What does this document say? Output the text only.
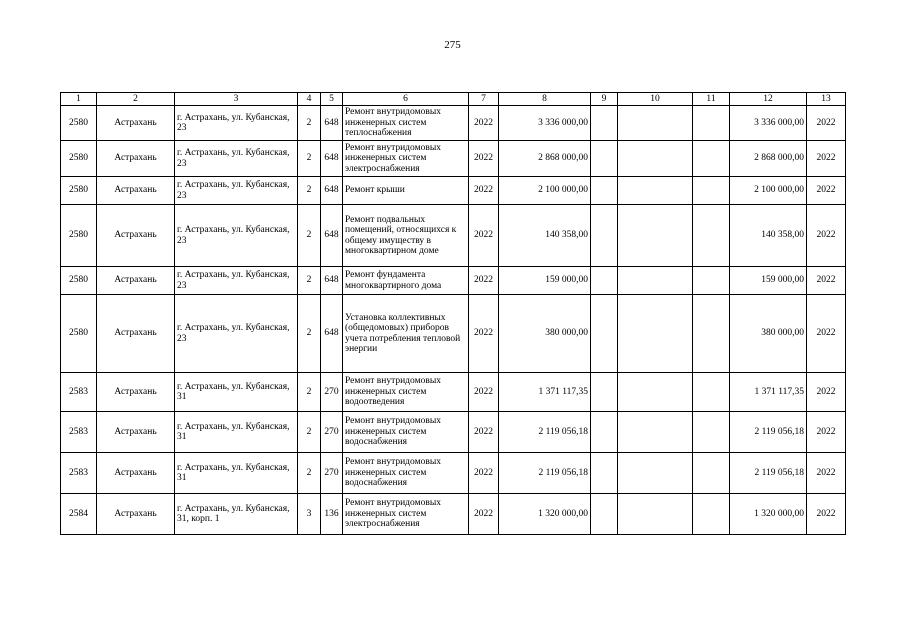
275
1	2	3	4	5	6	7	8	9	10	11	12	13
2580	Астрахань	г. Астрахань, ул. Кубанская, 23	2	648	Ремонт внутридомовых инженерных систем теплоснабжения	2022	3 336 000,00				3 336 000,00	2022
2580	Астрахань	г. Астрахань, ул. Кубанская, 23	2	648	Ремонт внутридомовых инженерных систем электроснабжения	2022	2 868 000,00				2 868 000,00	2022
2580	Астрахань	г. Астрахань, ул. Кубанская, 23	2	648	Ремонт крыши	2022	2 100 000,00				2 100 000,00	2022
2580	Астрахань	г. Астрахань, ул. Кубанская, 23	2	648	Ремонт подвальных помещений, относящихся к общему имуществу в многоквартирном доме	2022	140 358,00				140 358,00	2022
2580	Астрахань	г. Астрахань, ул. Кубанская, 23	2	648	Ремонт фундамента многоквартирного дома	2022	159 000,00				159 000,00	2022
2580	Астрахань	г. Астрахань, ул. Кубанская, 23	2	648	Установка коллективных (общедомовых) приборов учета потребления тепловой энергии	2022	380 000,00				380 000,00	2022
2583	Астрахань	г. Астрахань, ул. Кубанская, 31	2	270	Ремонт внутридомовых инженерных систем водоотведения	2022	1 371 117,35				1 371 117,35	2022
2583	Астрахань	г. Астрахань, ул. Кубанская, 31	2	270	Ремонт внутридомовых инженерных систем водоснабжения	2022	2 119 056,18				2 119 056,18	2022
2583	Астрахань	г. Астрахань, ул. Кубанская, 31	2	270	Ремонт внутридомовых инженерных систем водоснабжения	2022	2 119 056,18				2 119 056,18	2022
2584	Астрахань	г. Астрахань, ул. Кубанская, 31, корп. 1	3	136	Ремонт внутридомовых инженерных систем электроснабжения	2022	1 320 000,00				1 320 000,00	2022
